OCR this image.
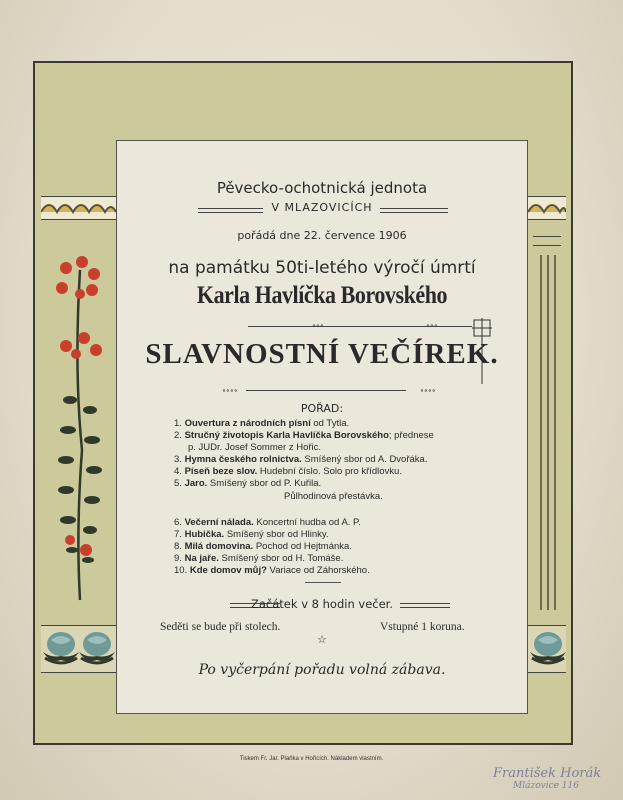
Pěvecko-ochotnická jednota
V MLAZOVICÍCH
pořádá dne 22. července 1906
na památku 50ti-letého výročí úmrtí
Karla Havlíčka Borovského
∘∘∘	∘∘∘
SLAVNOSTNÍ VEČÍREK.
∘∘∘∘	∘∘∘∘
POŘAD:
1. Ouvertura z národních písní od Tytla.
2. Stručný životopis Karla Havlíčka Borovského; přednese
p. JUDr. Josef Sommer z Hořic.
3. Hymna českého rolnictva. Smíšený sbor od A. Dvořáka.
4. Píseň beze slov. Hudební číslo. Solo pro křídlovku.
5. Jaro. Smíšený sbor od P. Kuřila.
Půlhodinová přestávka.
6. Večerní nálada. Koncertní hudba od A. P.
7. Hubička. Smíšený sbor od Hlinky.
8. Milá domovina. Pochod od Hejtmánka.
9. Na jaře. Smíšený sbor od H. Tomáše.
10. Kde domov můj? Variace od Záhorského.
Začátek v 8 hodin večer.
Seděti se bude při stolech.	Vstupné 1 koruna.
☆
Po vyčerpání pořadu volná zábava.
Tiskem Fr. Jar. Plaňka v Hořicích. Nákladem vlastním.
František Horák
Mlázovice 116
